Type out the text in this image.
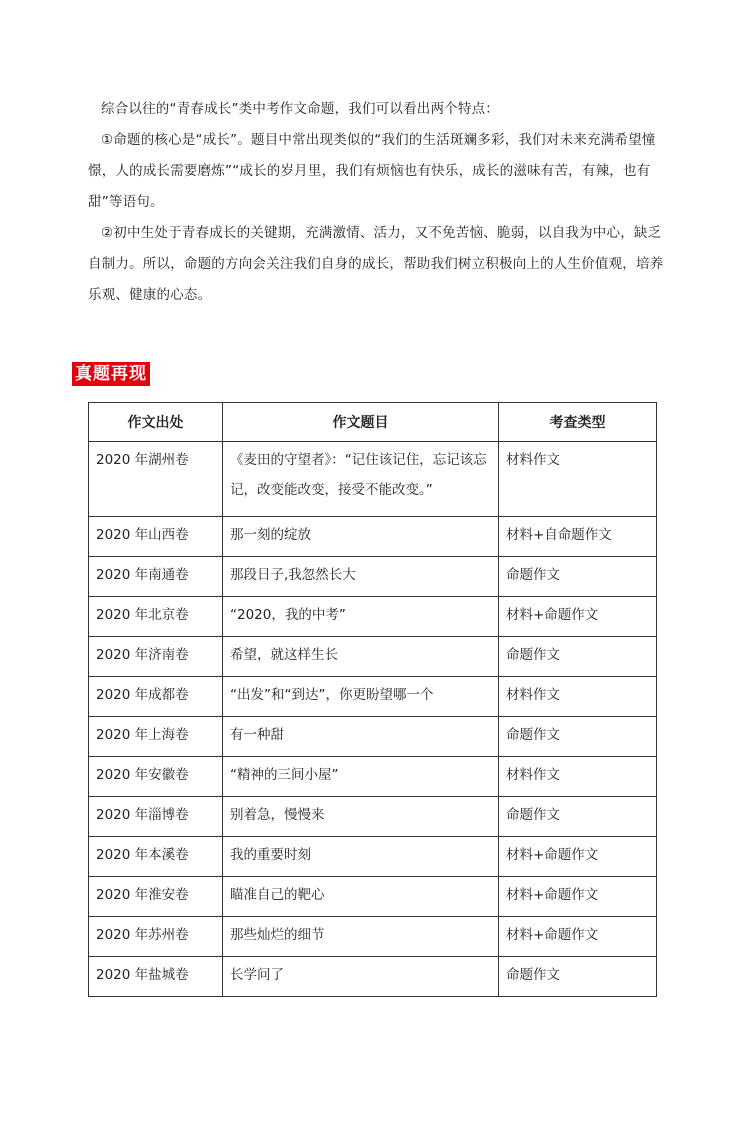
综合以往的“青春成长”类中考作文命题，我们可以看出两个特点：

①命题的核心是“成长”。题目中常出现类似的“我们的生活斑斓多彩，我们对未来充满希望憧憬，人的成长需要磨炼”“成长的岁月里，我们有烦恼也有快乐，成长的滋味有苦，有辣，也有甜”等语句。

②初中生处于青春成长的关键期，充满激情、活力，又不免苦恼、脆弱，以自我为中心，缺乏自制力。所以，命题的方向会关注我们自身的成长，帮助我们树立积极向上的人生价值观，培养乐观、健康的心态。

真题再现
作文出处	作文题目	考查类型
2020 年湖州卷	《麦田的守望者》：“记住该记住，忘记该忘记，改变能改变，接受不能改变。”	材料作文
2020 年山西卷	那一刻的绽放	材料+自命题作文
2020 年南通卷	那段日子,我忽然长大	命题作文
2020 年北京卷	“2020，我的中考”	材料+命题作文
2020 年济南卷	希望，就这样生长	命题作文
2020 年成都卷	“出发”和“到达”，你更盼望哪一个	材料作文
2020 年上海卷	有一种甜	命题作文
2020 年安徽卷	“精神的三间小屋”	材料作文
2020 年淄博卷	别着急，慢慢来	命题作文
2020 年本溪卷	我的重要时刻	材料+命题作文
2020 年淮安卷	瞄准自己的靶心	材料+命题作文
2020 年苏州卷	那些灿烂的细节	材料+命题作文
2020 年盐城卷	长学问了	命题作文
